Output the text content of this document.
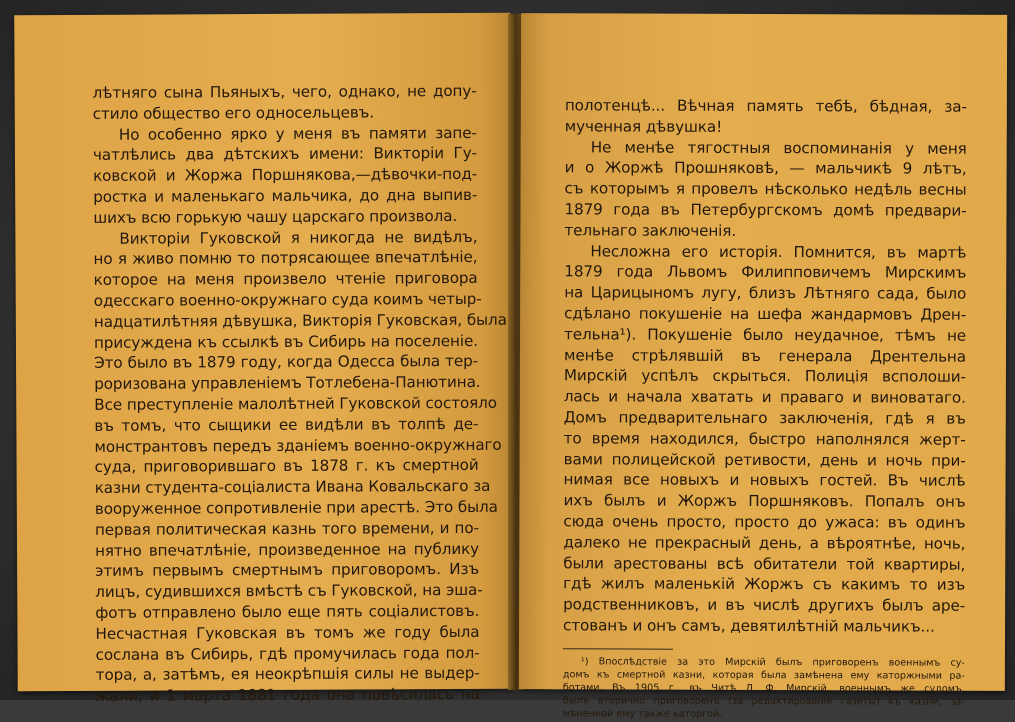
лѣтняго сына Пьяныхъ, чего, однако, не допу-
стило общество его односельцевъ.
Но особенно ярко у меня въ памяти запе-
чатлѣлись два дѣтскихъ имени: Викторіи Гу-
ковской и Жоржа Поршнякова,—дѣвочки-под-
ростка и маленькаго мальчика, до дна выпив-
шихъ всю горькую чашу царскаго произвола.
Викторіи Гуковской я никогда не видѣлъ,
но я живо помню то потрясающее впечатлѣніе,
которое на меня произвело чтеніе приговора
одесскаго военно-окружнаго суда коимъ четыр-
надцатилѣтняя дѣвушка, Викторія Гуковская, была
присуждена къ ссылкѣ въ Сибирь на поселеніе.
Это было въ 1879 году, когда Одесса была тер-
роризована управленіемъ Тотлебена-Панютина.
Все преступленіе малолѣтней Гуковской состояло
въ томъ, что сыщики ее видѣли въ толпѣ де-
монстрантовъ передъ зданіемъ военно-окружнаго
суда, приговорившаго въ 1878 г. къ смертной
казни студента-соціалиста Ивана Ковальскаго за
вооруженное сопротивленіе при арестѣ. Это была
первая политическая казнь того времени, и по-
нятно впечатлѣніе, произведенное на публику
этимъ первымъ смертнымъ приговоромъ. Изъ
лицъ, судившихся вмѣстѣ съ Гуковской, на эша-
фотъ отправлено было еще пять соціалистовъ.
Несчастная Гуковская въ томъ же году была
сослана въ Сибирь, гдѣ промучилась года пол-
тора, а, затѣмъ, ея неокрѣпшія силы не выдер-
жали, и 1 марта 1881 года она повѣсилась на
полотенцѣ... Вѣчная память тебѣ, бѣдная, за-
мученная дѣвушка!
Не менѣе тягостныя воспоминанія у меня
и о Жоржѣ Прошняковѣ, — мальчикѣ 9 лѣтъ,
съ которымъ я провелъ нѣсколько недѣль весны
1879 года въ Петербургскомъ домѣ предвари-
тельнаго заключенія.
Несложна его исторія. Помнится, въ мартѣ
1879 года Львомъ Филипповичемъ Мирскимъ
на Царицыномъ лугу, близъ Лѣтняго сада, было
сдѣлано покушеніе на шефа жандармовъ Дрен-
тельна¹). Покушеніе было неудачное, тѣмъ не
менѣе стрѣлявшій въ генерала Дрентельна
Мирскій успѣлъ скрыться. Полиція всполоши-
лась и начала хватать и праваго и виноватаго.
Домъ предварительнаго заключенія, гдѣ я въ
то время находился, быстро наполнялся жерт-
вами полицейской ретивости, день и ночь при-
нимая все новыхъ и новыхъ гостей. Въ числѣ
ихъ былъ и Жоржъ Поршняковъ. Попалъ онъ
сюда очень просто, просто до ужаса: въ одинъ
далеко не прекрасный день, а вѣроятнѣе, ночь,
были арестованы всѣ обитатели той квартиры,
гдѣ жилъ маленькій Жоржъ съ какимъ то изъ
родственниковъ, и въ числѣ другихъ былъ аре-
стованъ и онъ самъ, девятилѣтній мальчикъ...
¹) Впослѣдствіе за это Мирскій былъ приговоренъ военнымъ су-
домъ къ смертной казни, которая была замѣнена ему каторжными ра-
ботами. Въ 1905 г., въ Читѣ Л. Ф. Мирскій, военнымъ же судомъ,
былъ вторично приговоренъ (за редактированіе газеты) къ казни, за-
мѣненной ему также каторгой.
